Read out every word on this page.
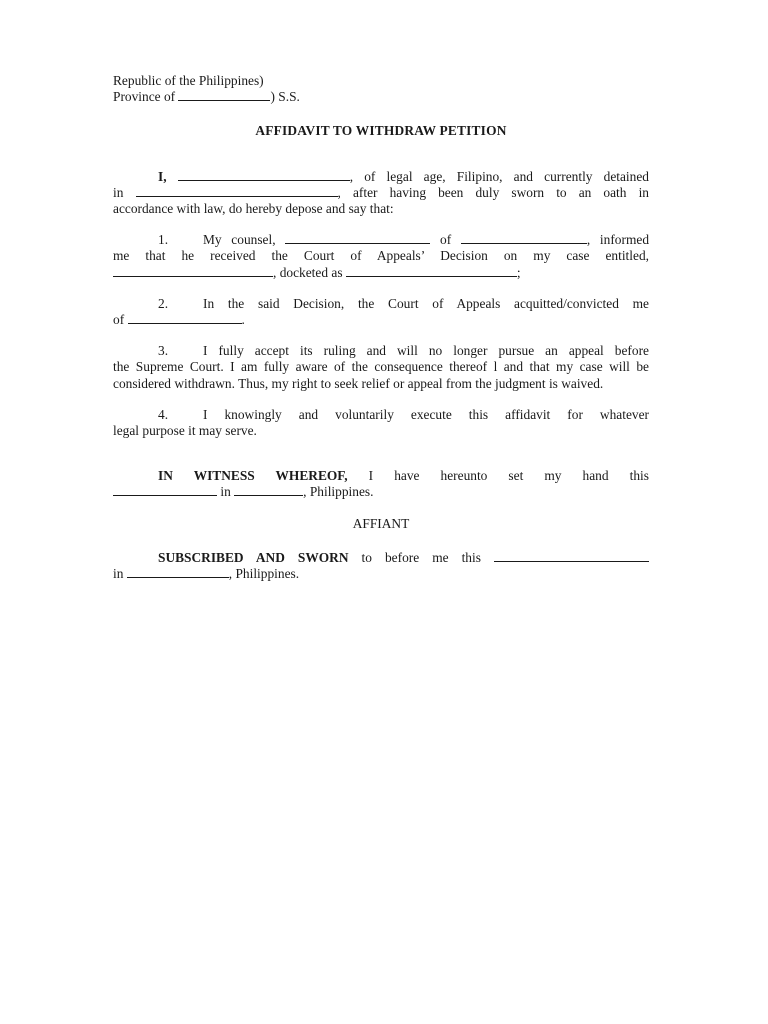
Republic of the Philippines)

Province of	) S.S.

AFFIDAVIT TO WITHDRAW PETITION

I,	, of legal age, Filipino, and currently detained
in	, after having been duly sworn to an oath in
accordance with law, do hereby depose and say that:
1.	My counsel,	of	, informed
me that he received the Court of Appeals’ Decision on my case entitled,
, docketed as	;
2.	In the said Decision, the Court of Appeals acquitted/convicted me
of	.
3.	I fully accept its ruling and will no longer pursue an appeal before
the Supreme Court. I am fully aware of the consequence thereof l and that my case will be considered withdrawn. Thus, my right to seek relief or appeal from the judgment is waived.
4.	I knowingly and voluntarily execute this affidavit for whatever
legal purpose it may serve.
IN WITNESS WHEREOF, I have hereunto set my hand this
in	, Philippines.

AFFIANT

SUBSCRIBED AND SWORN to before me this
in	, Philippines.
